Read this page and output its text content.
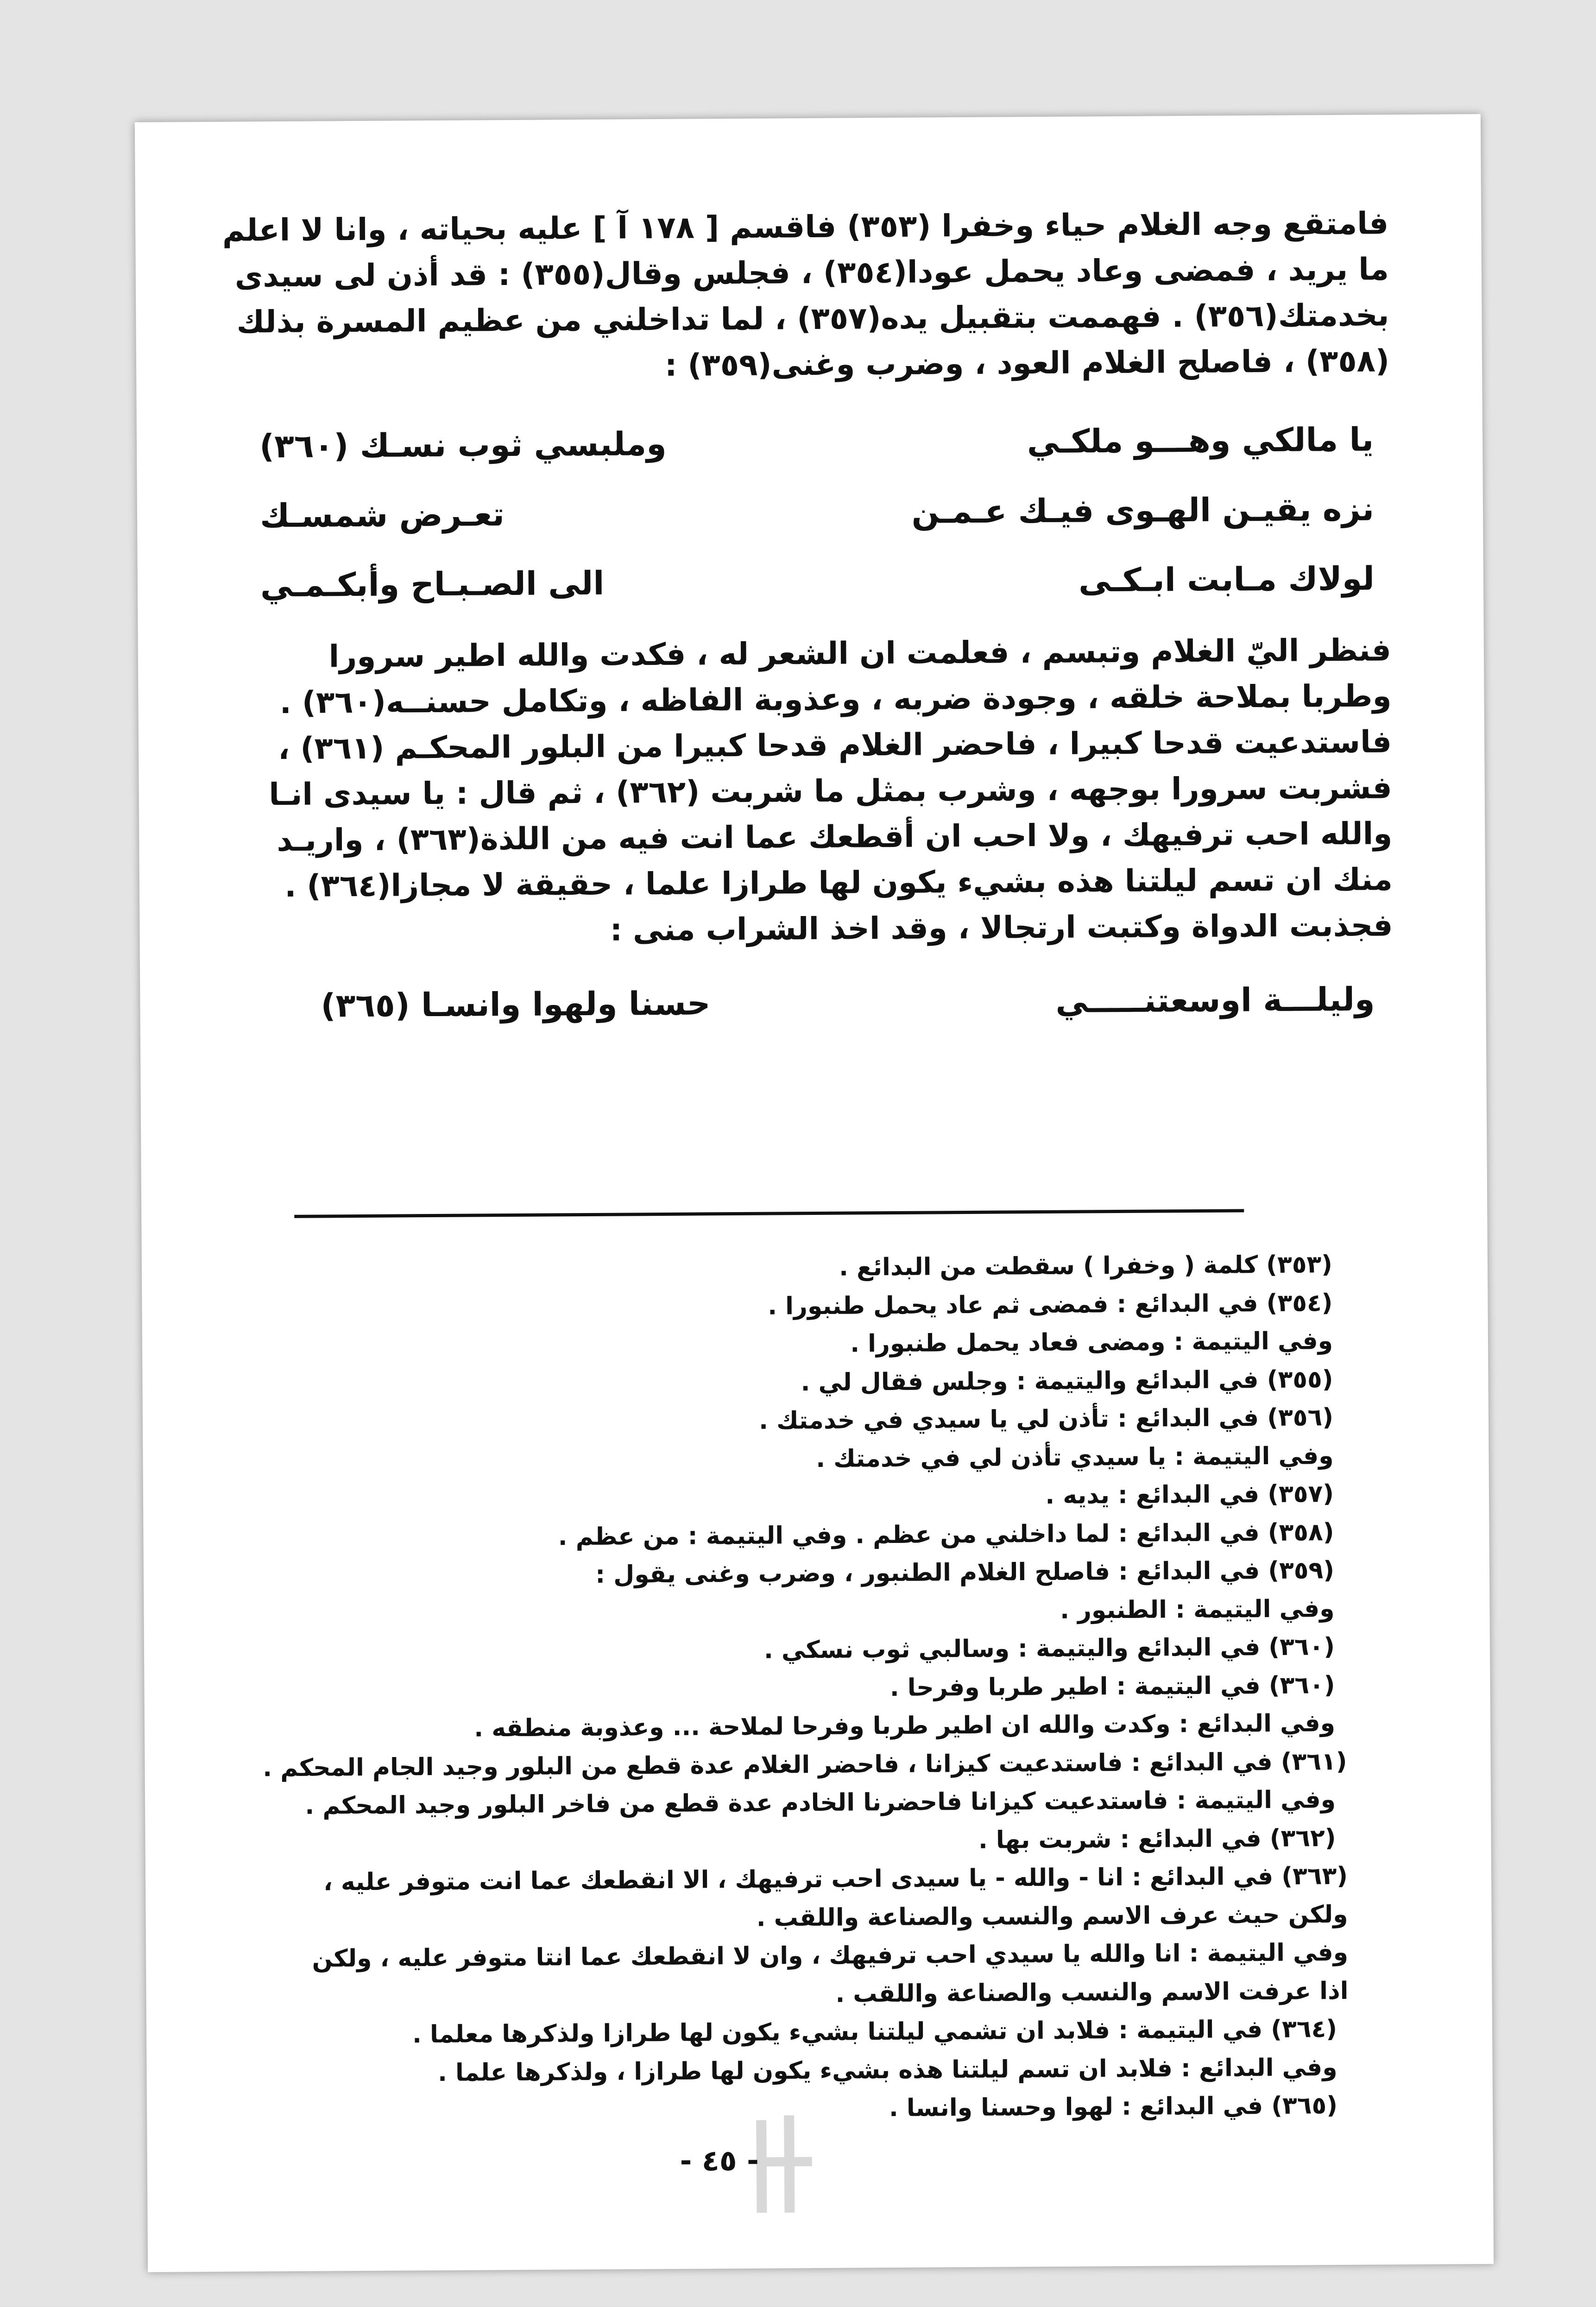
فامتقع وجه الغلام حياء وخفرا (٣٥٣) فاقسم [ ١٧٨ آ ] عليه بحياته ، وانا لا اعلم

ما يريد ، فمضى وعاد يحمل عودا(٣٥٤) ، فجلس وقال(٣٥٥) : قد أذن لى سيدى

بخدمتك(٣٥٦) . فهممت بتقبيل يده(٣٥٧) ، لما تداخلني من عظيم المسرة بذلك

(٣٥٨) ، فاصلح الغلام العود ، وضرب وغنى(٣٥٩) :

يا مالكي وهـــو ملكـي
وملبسي ثوب نسـك (٣٦٠)
نزه يقيـن الهـوى فيـك عـمـن
تعـرض شمسـك
لولاك مـابت ابـكـى
الى الصـبـاح وأبكـمـي

فنظر اليّ الغلام وتبسم ، فعلمت ان الشعر له ، فكدت والله اطير سرورا

وطربا بملاحة خلقه ، وجودة ضربه ، وعذوبة الفاظه ، وتكامل حسنــه(٣٦٠) .

فاستدعيت قدحا كبيرا ، فاحضر الغلام قدحا كبيرا من البلور المحكـم (٣٦١) ،

فشربت سرورا بوجهه ، وشرب بمثل ما شربت (٣٦٢) ، ثم قال : يا سيدى انـا

والله احب ترفيهك ، ولا احب ان أقطعك عما انت فيه من اللذة(٣٦٣) ، واريـد

منك ان تسم ليلتنا هذه بشيء يكون لها طرازا علما ، حقيقة لا مجازا(٣٦٤) .

فجذبت الدواة وكتبت ارتجالا ، وقد اخذ الشراب منى :

وليلـــة اوسعتنـــــي
حسنا ولهوا وانسـا (٣٦٥)

(٣٥٣) كلمة ( وخفرا ) سقطت من البدائع .

(٣٥٤) في البدائع : فمضى ثم عاد يحمل طنبورا .

وفي اليتيمة : ومضى فعاد يحمل طنبورا .

(٣٥٥) في البدائع واليتيمة : وجلس فقال لي .

(٣٥٦) في البدائع : تأذن لي يا سيدي في خدمتك .

وفي اليتيمة : يا سيدي تأذن لي في خدمتك .

(٣٥٧) في البدائع : يديه .

(٣٥٨) في البدائع : لما داخلني من عظم . وفي اليتيمة : من عظم .

(٣٥٩) في البدائع : فاصلح الغلام الطنبور ، وضرب وغنى يقول :

وفي اليتيمة : الطنبور .

(٣٦٠) في البدائع واليتيمة : وسالبي ثوب نسكي .

(٣٦٠) في اليتيمة : اطير طربا وفرحا .

وفي البدائع : وكدت والله ان اطير طربا وفرحا لملاحة ... وعذوبة منطقه .

(٣٦١) في البدائع : فاستدعيت كيزانا ، فاحضر الغلام عدة قطع من البلور وجيد الجام المحكم .

وفي اليتيمة : فاستدعيت كيزانا فاحضرنا الخادم عدة قطع من فاخر البلور وجيد المحكم .

(٣٦٢) في البدائع : شربت بها .

(٣٦٣) في البدائع : انا - والله - يا سيدى احب ترفيهك ، الا انقطعك عما انت متوفر عليه ،

ولكن حيث عرف الاسم والنسب والصناعة واللقب .

وفي اليتيمة : انا والله يا سيدي احب ترفيهك ، وان لا انقطعك عما انتا متوفر عليه ، ولكن

اذا عرفت الاسم والنسب والصناعة واللقب .

(٣٦٤) في اليتيمة : فلابد ان تشمي ليلتنا بشيء يكون لها طرازا ولذكرها معلما .

وفي البدائع : فلابد ان تسم ليلتنا هذه بشيء يكون لها طرازا ، ولذكرها علما .

(٣٦٥) في البدائع : لهوا وحسنا وانسا .

- ٤٥ -
